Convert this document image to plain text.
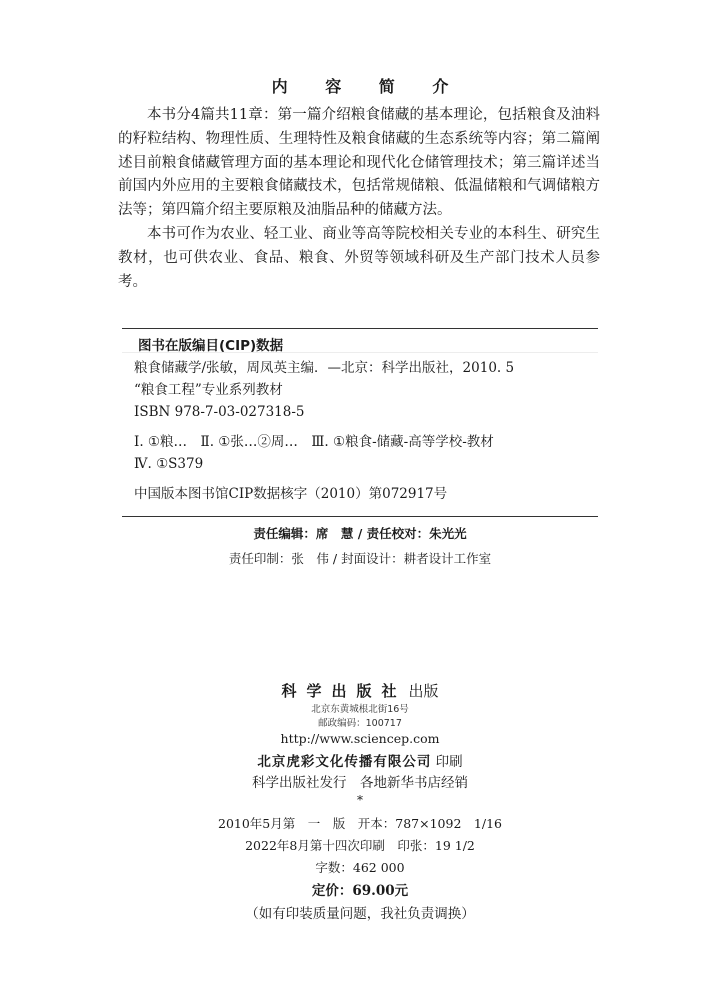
内 容 简 介

本书分4篇共11章：第一篇介绍粮食储藏的基本理论，包括粮食及油料的籽粒结构、物理性质、生理特性及粮食储藏的生态系统等内容；第二篇阐述目前粮食储藏管理方面的基本理论和现代化仓储管理技术；第三篇详述当前国内外应用的主要粮食储藏技术，包括常规储粮、低温储粮和气调储粮方法等；第四篇介绍主要原粮及油脂品种的储藏方法。

本书可作为农业、轻工业、商业等高等院校相关专业的本科生、研究生教材，也可供农业、食品、粮食、外贸等领域科研及生产部门技术人员参考。

图书在版编目(CIP)数据
粮食储藏学/张敏，周凤英主编．—北京：科学出版社，2010. 5
“粮食工程”专业系列教材
ISBN 978-7-03-027318-5
Ⅰ. ①粮…　Ⅱ. ①张…②周…　Ⅲ. ①粮食-储藏-高等学校-教材
Ⅳ. ①S379
中国版本图书馆CIP数据核字（2010）第072917号
责任编辑：席　慧 / 责任校对：朱光光
责任印制：张　伟 / 封面设计：耕者设计工作室
科学出版社 出版
北京东黄城根北街16号
邮政编码：100717
http://www.sciencep.com
北京虎彩文化传播有限公司 印刷
科学出版社发行　各地新华书店经销
*
2010年5月第　一　版　开本：787×1092　1/16
2022年8月第十四次印刷　印张：19 1/2
字数：462 000
定价：69.00元
（如有印装质量问题，我社负责调换）
